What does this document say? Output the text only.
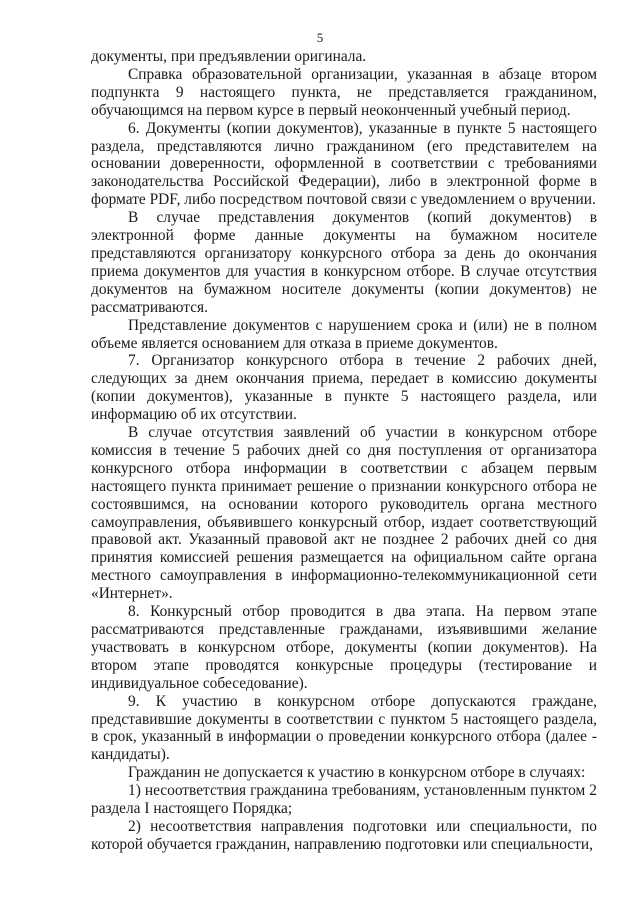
5

документы, при предъявлении оригинала.

Справка образовательной организации, указанная в абзаце втором подпункта 9 настоящего пункта, не представляется гражданином, обучающимся на первом курсе в первый неоконченный учебный период.

6. Документы (копии документов), указанные в пункте 5 настоящего раздела, представляются лично гражданином (его представителем на основании доверенности, оформленной в соответствии с требованиями законодательства Российской Федерации), либо в электронной форме в формате PDF, либо посредством почтовой связи с уведомлением о вручении.

В случае представления документов (копий документов) в электронной форме данные документы на бумажном носителе представляются организатору конкурсного отбора за день до окончания приема документов для участия в конкурсном отборе. В случае отсутствия документов на бумажном носителе документы (копии документов) не рассматриваются.

Представление документов с нарушением срока и (или) не в полном объеме является основанием для отказа в приеме документов.

7. Организатор конкурсного отбора в течение 2 рабочих дней, следующих за днем окончания приема, передает в комиссию документы (копии документов), указанные в пункте 5 настоящего раздела, или информацию об их отсутствии.

В случае отсутствия заявлений об участии в конкурсном отборе комиссия в течение 5 рабочих дней со дня поступления от организатора конкурсного отбора информации в соответствии с абзацем первым настоящего пункта принимает решение о признании конкурсного отбора не состоявшимся, на основании которого руководитель органа местного самоуправления, объявившего конкурсный отбор, издает соответствующий правовой акт. Указанный правовой акт не позднее 2 рабочих дней со дня принятия комиссией решения размещается на официальном сайте органа местного самоуправления в информационно-телекоммуникационной сети «Интернет».

8. Конкурсный отбор проводится в два этапа. На первом этапе рассматриваются представленные гражданами, изъявившими желание участвовать в конкурсном отборе, документы (копии документов). На втором этапе проводятся конкурсные процедуры (тестирование и индивидуальное собеседование).

9. К участию в конкурсном отборе допускаются граждане, представившие документы в соответствии с пунктом 5 настоящего раздела, в срок, указанный в информации о проведении конкурсного отбора (далее - кандидаты).

Гражданин не допускается к участию в конкурсном отборе в случаях:

1) несоответствия гражданина требованиям, установленным пунктом 2 раздела I настоящего Порядка;

2) несоответствия направления подготовки или специальности, по которой обучается гражданин, направлению подготовки или специальности,
